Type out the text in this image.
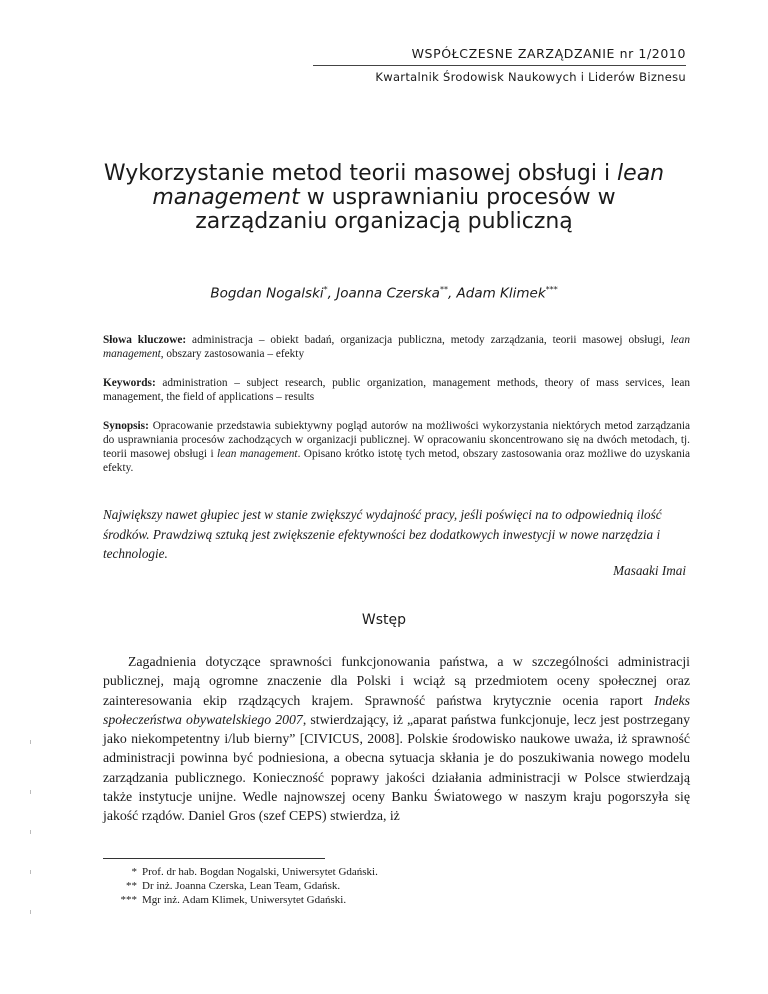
WSPÓŁCZESNE ZARZĄDZANIE nr 1/2010
Kwartalnik Środowisk Naukowych i Liderów Biznesu
Wykorzystanie metod teorii masowej obsługi i lean management w usprawnianiu procesów w zarządzaniu organizacją publiczną
Bogdan Nogalski*, Joanna Czerska**, Adam Klimek***

Słowa kluczowe: administracja – obiekt badań, organizacja publiczna, metody zarządzania, teorii masowej obsługi, lean management, obszary zastosowania – efekty

Keywords: administration – subject research, public organization, management methods, theory of mass services, lean management, the field of applications – results

Synopsis: Opracowanie przedstawia subiektywny pogląd autorów na możliwości wykorzystania niektórych metod zarządzania do usprawniania procesów zachodzących w organizacji publicznej. W opracowaniu skoncentrowano się na dwóch metodach, tj. teorii masowej obsługi i lean management. Opisano krótko istotę tych metod, obszary zastosowania oraz możliwe do uzyskania efekty.

Największy nawet głupiec jest w stanie zwiększyć wydajność pracy, jeśli poświęci na to odpowiednią ilość środków. Prawdziwą sztuką jest zwiększenie efektywności bez dodatkowych inwestycji w nowe narzędzia i technologie.

Masaaki Imai
Wstęp

Zagadnienia dotyczące sprawności funkcjonowania państwa, a w szczególności administracji publicznej, mają ogromne znaczenie dla Polski i wciąż są przedmiotem oceny społecznej oraz zainteresowania ekip rządzących krajem. Sprawność państwa krytycznie ocenia raport Indeks społeczeństwa obywatelskiego 2007, stwierdzający, iż „aparat państwa funkcjonuje, lecz jest postrzegany jako niekompetentny i/lub bierny” [CIVICUS, 2008]. Polskie środowisko naukowe uważa, iż sprawność administracji powinna być podniesiona, a obecna sytuacja skłania je do poszukiwania nowego modelu zarządzania publicznego. Konieczność poprawy jakości działania administracji w Polsce stwierdzają także instytucje unijne. Wedle najnowszej oceny Banku Światowego w naszym kraju pogorszyła się jakość rządów. Daniel Gros (szef CEPS) stwierdza, iż

* Prof. dr hab. Bogdan Nogalski, Uniwersytet Gdański.
** Dr inż. Joanna Czerska, Lean Team, Gdańsk.
*** Mgr inż. Adam Klimek, Uniwersytet Gdański.
